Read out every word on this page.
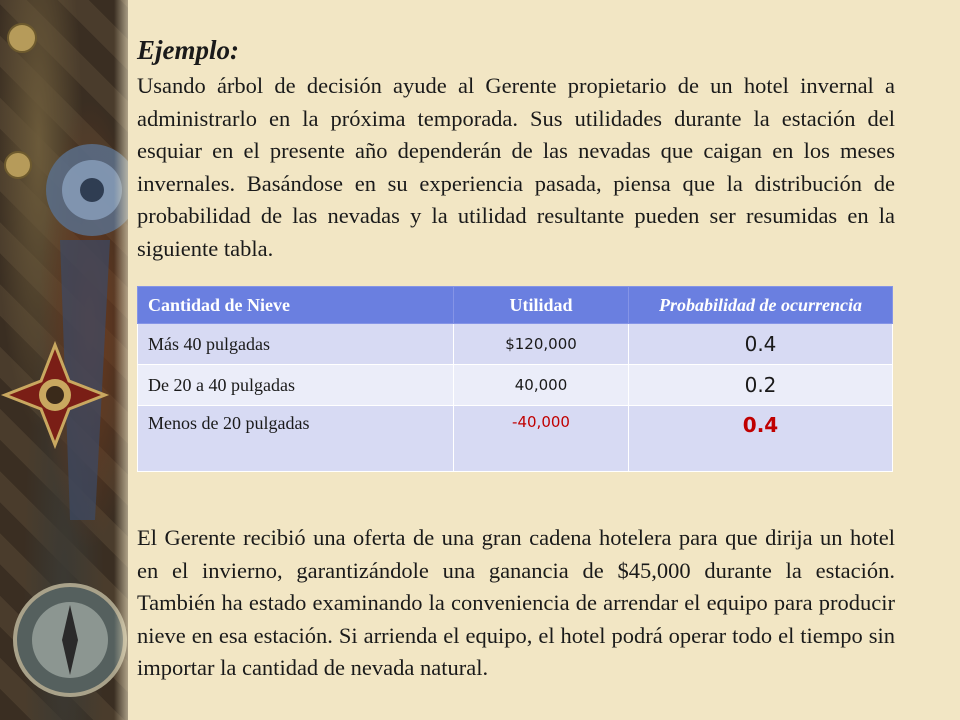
Ejemplo:

Usando árbol de decisión ayude al Gerente propietario de un hotel invernal a administrarlo en la próxima temporada. Sus utilidades durante la estación del esquiar en el presente año dependerán de las nevadas que caigan en los meses invernales. Basándose en su experiencia pasada, piensa que la distribución de probabilidad de las nevadas y la utilidad resultante pueden ser resumidas en la siguiente tabla.

Cantidad de Nieve	Utilidad	Probabilidad de ocurrencia
Más 40 pulgadas	$120,000	0.4
De 20 a 40 pulgadas	40,000	0.2
Menos de 20 pulgadas	-40,000	0.4

El Gerente recibió una oferta de una gran cadena hotelera para que dirija un hotel en el invierno, garantizándole una ganancia de $45,000 durante la estación. También ha estado examinando la conveniencia de arrendar el equipo para producir nieve en esa estación. Si arrienda el equipo, el hotel podrá operar todo el tiempo sin importar la cantidad de nevada natural.
